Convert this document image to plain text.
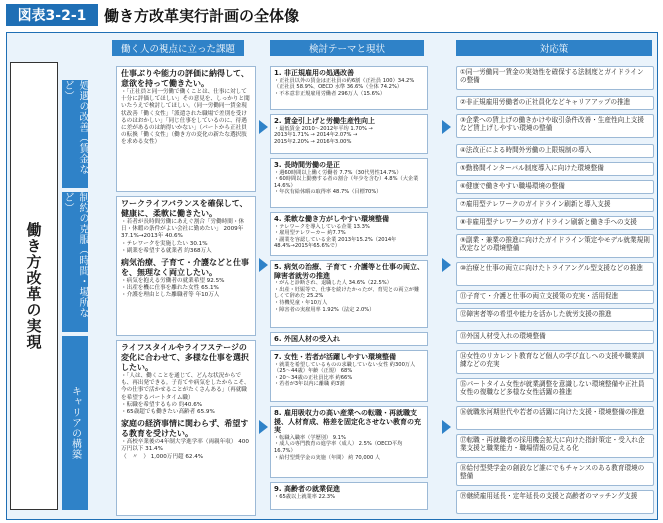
図表3-2-1	働き方改革実行計画の全体像
働き方改革の実現
処遇の改善（賃金など）
制約の克服（時間・場所など）
キャリアの構築
働く人の視点に立った課題	検討テーマと現状	対応策
仕事ぶりや能力の評価に納得して、意欲を持って働きたい。
・「正社員と同一労働で働くことは、仕事に対して十分に評価してほしい」その意見を、しっかりと聞いたうえで検討してほしい。（同一労働同一賃金現状改善「働く女性」「派遣された職場で差別を受けるのはおかしい」「同じ仕事をしているのに、待遇に差があるのは納得いかない」（パートから正社員の転換「働く女性」（働き方の変化の新たな選択肢を求める女性）
ワークライフバランスを確保して、健康に、柔軟に働きたい。
・若者が長時間労働にあえぐ割合「労働時間・休日・休暇の条件がよい会社に勤めたい」 2009年 37.1%→2013年 40.6%
・テレワークを実施したい 30.1%
・副業を希望する就業者 約368万人
病気治療、子育て・介護などと仕事を、無理なく両立したい。
・病気を抱える労働者の就業希望 92.5%
・出産を機に仕事を離れた女性 65.1%
・介護を理由とした離職者等 年10万人
ライフスタイルやライフステージの変化に合わせて、多様な仕事を選択したい。
・「人は、働くことを通じて、どんな状況からでも、再出発できる。子育てや病気をしたからこそ、今の仕事で活かせることがたくさんある」（再就職を希望するパートタイム職）
・転職を希望するもの 約40.6%
・65歳超でも働きたい高齢者 65.9%
家庭の経済事情に関わらず、希望する教育を受けたい。
・高校卒業後の4年制大学進学率（両親年収） 400万円以下 31.4%
（　〃　） 1,000万円超 62.4%
1. 非正規雇用の処遇改善
・正社員以外の賃金は正社員の約6割（正社員 100）34.2%（正社員 58.9%、OECD 水準 36.6%（全体 74.2%）
・不本意非正規雇用労働者 296万人（15.6%）
2. 賃金引上げと労働生産性向上
・最低賃金 2010～2012年平均 1.70% →
2013年1.71% → 2014年2.07% →
2015年2.20% → 2016年3.00%
3. 長時間労働の是正
・週60時間以上働く労働者 7.7%（30代男性14.7%）
・60時間以上勤務する者の割合（年少を含む）4.8%（大企業 14.6%）
・年次有給休暇の取得率 48.7%（目標70%）
4. 柔軟な働き方がしやすい環境整備
・テレワークを導入している企業 13.3%
・雇用型テレワーカー 約7.7%
・副業を容認している企業 2013年15.2%（2014年48.4%→2015年65.6%で）
5. 病気の治療、子育て・介護等と仕事の両立、障害者就労の推進
・がんと診断され、退職した人 34.6%（22.5%）
・出産・妊娠等で、仕事を続けたかったが、育児との両立が難しくて辞めた 25.2%
・待機児童・年10万人
・障害者の実雇用率 1.92%（法定 2.0%）
6. 外国人材の受入れ
7. 女性・若者が活躍しやすい環境整備
・就業を希望しているものの求職していない女性 約300万人
（25～44歳）年齢（正規） 68%
・20～34歳の正社員比率 約66%
・若者が3年以内に離職 約3割
8. 雇用吸収力の高い産業への転職・再就職支援、人材育成、格差を固定化させない教育の充実
・転職入職率（学歴別） 9.1%
・成人の専門教育の進学率（成人） 2.5%（OECD平均 16.7%）
・給付型奨学金の実施（年間） 約 70,000 人
9. 高齢者の就業促進
・65歳以上就業率 22.3%
①同一労働同一賃金の実効性を確保する法制度とガイドラインの整備
②非正規雇用労働者の正社員化などキャリアアップの推進
③企業への賃上げの働きかけや取引条件改善・生産性向上支援など賃上げしやすい環境の整備
④法改正による時間外労働の上限規制の導入
⑤勤務間インターバル制度導入に向けた環境整備
⑥健康で働きやすい職場環境の整備
⑦雇用型テレワークのガイドライン刷新と導入支援
⑧非雇用型テレワークのガイドライン刷新と働き手への支援
⑨副業・兼業の推進に向けたガイドライン策定やモデル就業規則改定などの環境整備
⑩治療と仕事の両立に向けたトライアングル型支援などの推進
⑪子育て・介護と仕事の両立支援策の充実・活用促進
⑫障害者等の希望や能力を活かした就労支援の推進
⑬外国人材受入れの環境整備
⑭女性のリカレント教育など個人の学び直しへの支援や職業訓練などの充実
⑮パートタイム女性が就業調整を意識しない環境整備や正社員女性の復職など多様な女性活躍の推進
⑯就職氷河期世代や若者の活躍に向けた支援・環境整備の推進
⑰転職・再就職者の採用機会拡大に向けた指針策定・受入れ企業支援と職業能力・職場情報の見える化
⑱給付型奨学金の創設など誰にでもチャンスのある教育環境の整備
⑲継続雇用延長・定年延長の支援と高齢者のマッチング支援
